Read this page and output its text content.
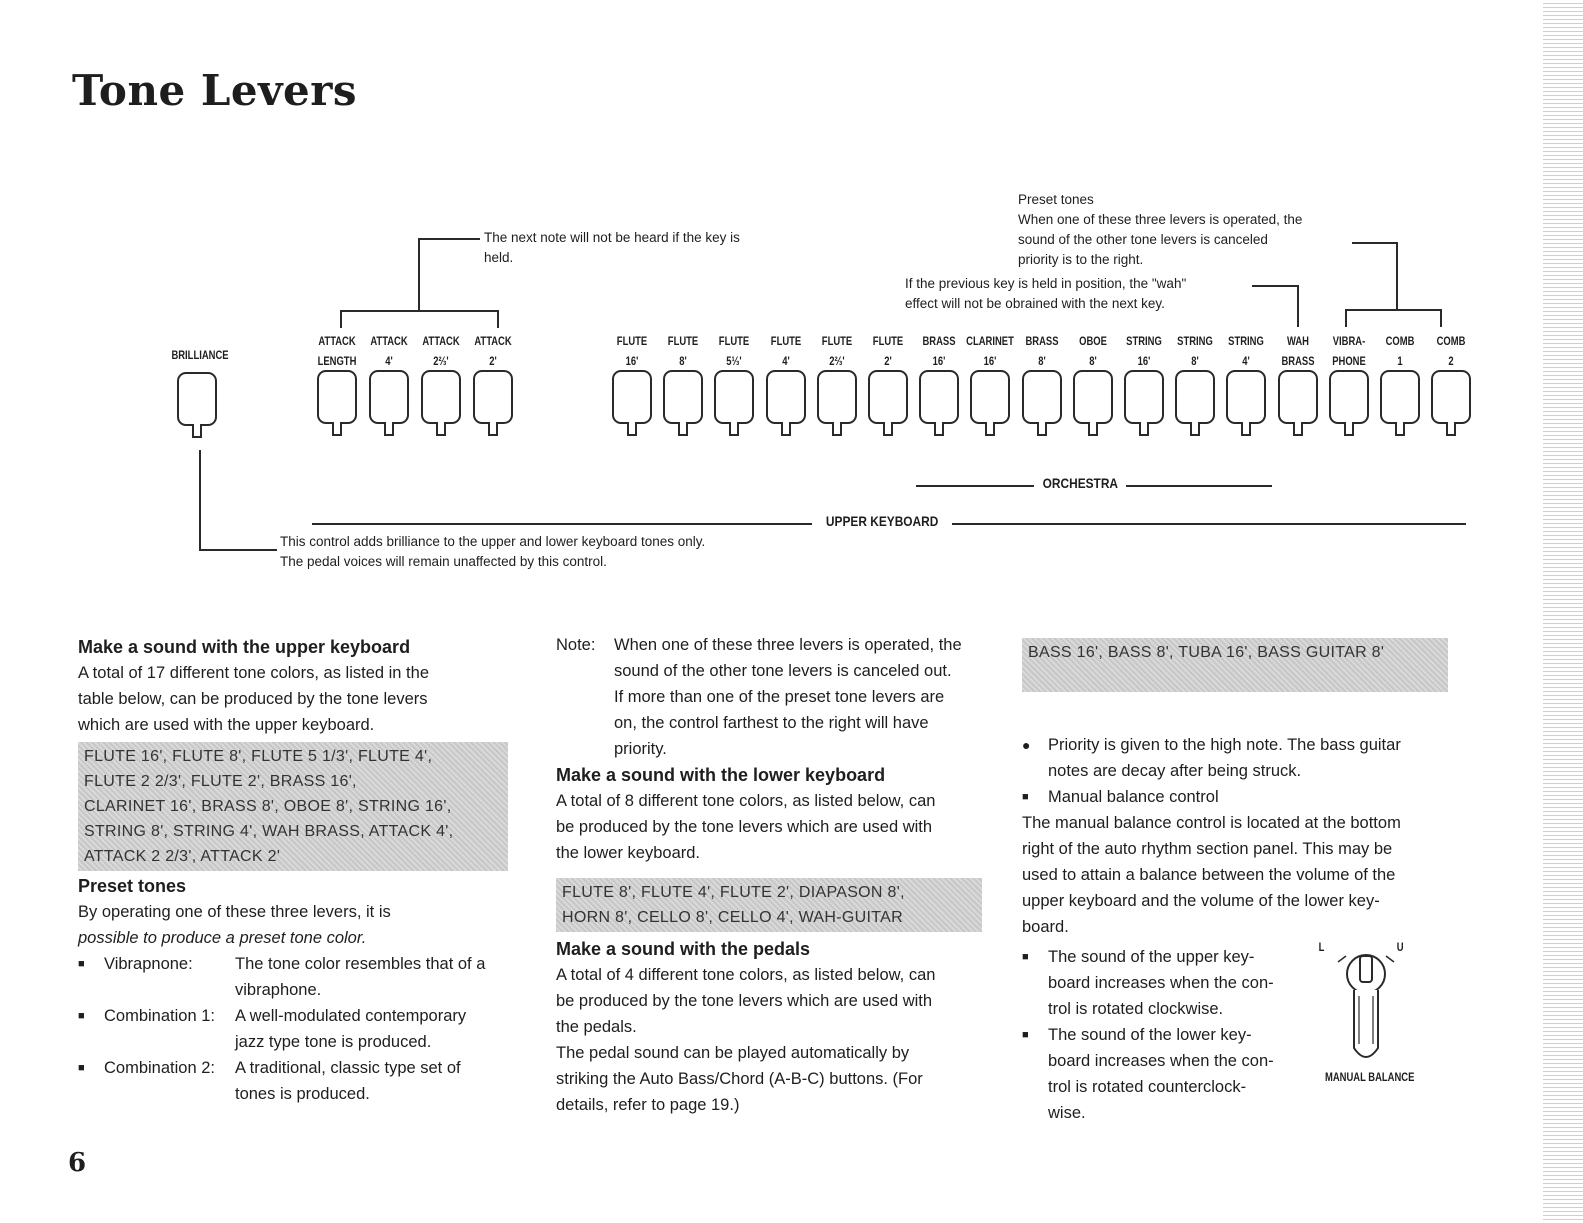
Tone Levers
The next note will not be heard if the key is
held.
Preset tones
When one of these three levers is operated, the
sound of the other tone levers is canceled
priority is to the right.
If the previous key is held in position, the "wah"
effect will not be obrained with the next key.
BRILLIANCE
This control adds brilliance to the upper and lower keyboard tones only.
The pedal voices will remain unaffected by this control.
ATTACK
LENGTH
ATTACK
4'
ATTACK
2⅔'
ATTACK
2'
FLUTE
16'
FLUTE
8'
FLUTE
5⅓'
FLUTE
4'
FLUTE
2⅔'
FLUTE
2'
BRASS
16'
CLARINET
16'
BRASS
8'
OBOE
8'
STRING
16'
STRING
8'
STRING
4'
WAH
BRASS
VIBRA-
PHONE
COMB
1
COMB
2
ORCHESTRA
UPPER KEYBOARD
Make a sound with the upper keyboard

A total of 17 different tone colors, as listed in the

table below, can be produced by the tone levers

which are used with the upper keyboard.

FLUTE 16', FLUTE 8', FLUTE 5 1/3', FLUTE 4',
FLUTE 2 2/3', FLUTE 2', BRASS 16',
CLARINET 16', BRASS 8', OBOE 8', STRING 16',
STRING 8', STRING 4', WAH BRASS, ATTACK 4',
ATTACK 2 2/3', ATTACK 2'
Preset tones

By operating one of these three levers, it is

possible to produce a preset tone color.

■ Vibrapnone:	The tone color resembles that of a
vibraphone.
■ Combination 1:	A well-modulated contemporary
jazz type tone is produced.
■ Combination 2:	A traditional, classic type set of
tones is produced.
Note:	When one of these three levers is operated, the
sound of the other tone levers is canceled out.
If more than one of the preset tone levers are
on, the control farthest to the right will have
priority.
Make a sound with the lower keyboard

A total of 8 different tone colors, as listed below, can

be produced by the tone levers which are used with

the lower keyboard.

FLUTE 8', FLUTE 4', FLUTE 2', DIAPASON 8',
HORN 8', CELLO 8', CELLO 4', WAH-GUITAR
Make a sound with the pedals

A total of 4 different tone colors, as listed below, can

be produced by the tone levers which are used with

the pedals.

The pedal sound can be played automatically by

striking the Auto Bass/Chord (A-B-C) buttons. (For

details, refer to page 19.)

BASS 16', BASS 8', TUBA 16', BASS GUITAR 8'
● Priority is given to the high note. The bass guitar
notes are decay after being struck.
■ Manual balance control

The manual balance control is located at the bottom

right of the auto rhythm section panel. This may be

used to attain a balance between the volume of the

upper keyboard and the volume of the lower key-

board.

■ The sound of the upper key-
board increases when the con-
trol is rotated clockwise.
■ The sound of the lower key-
board increases when the con-
trol is rotated counterclock-
wise.
L	U
MANUAL BALANCE
6
